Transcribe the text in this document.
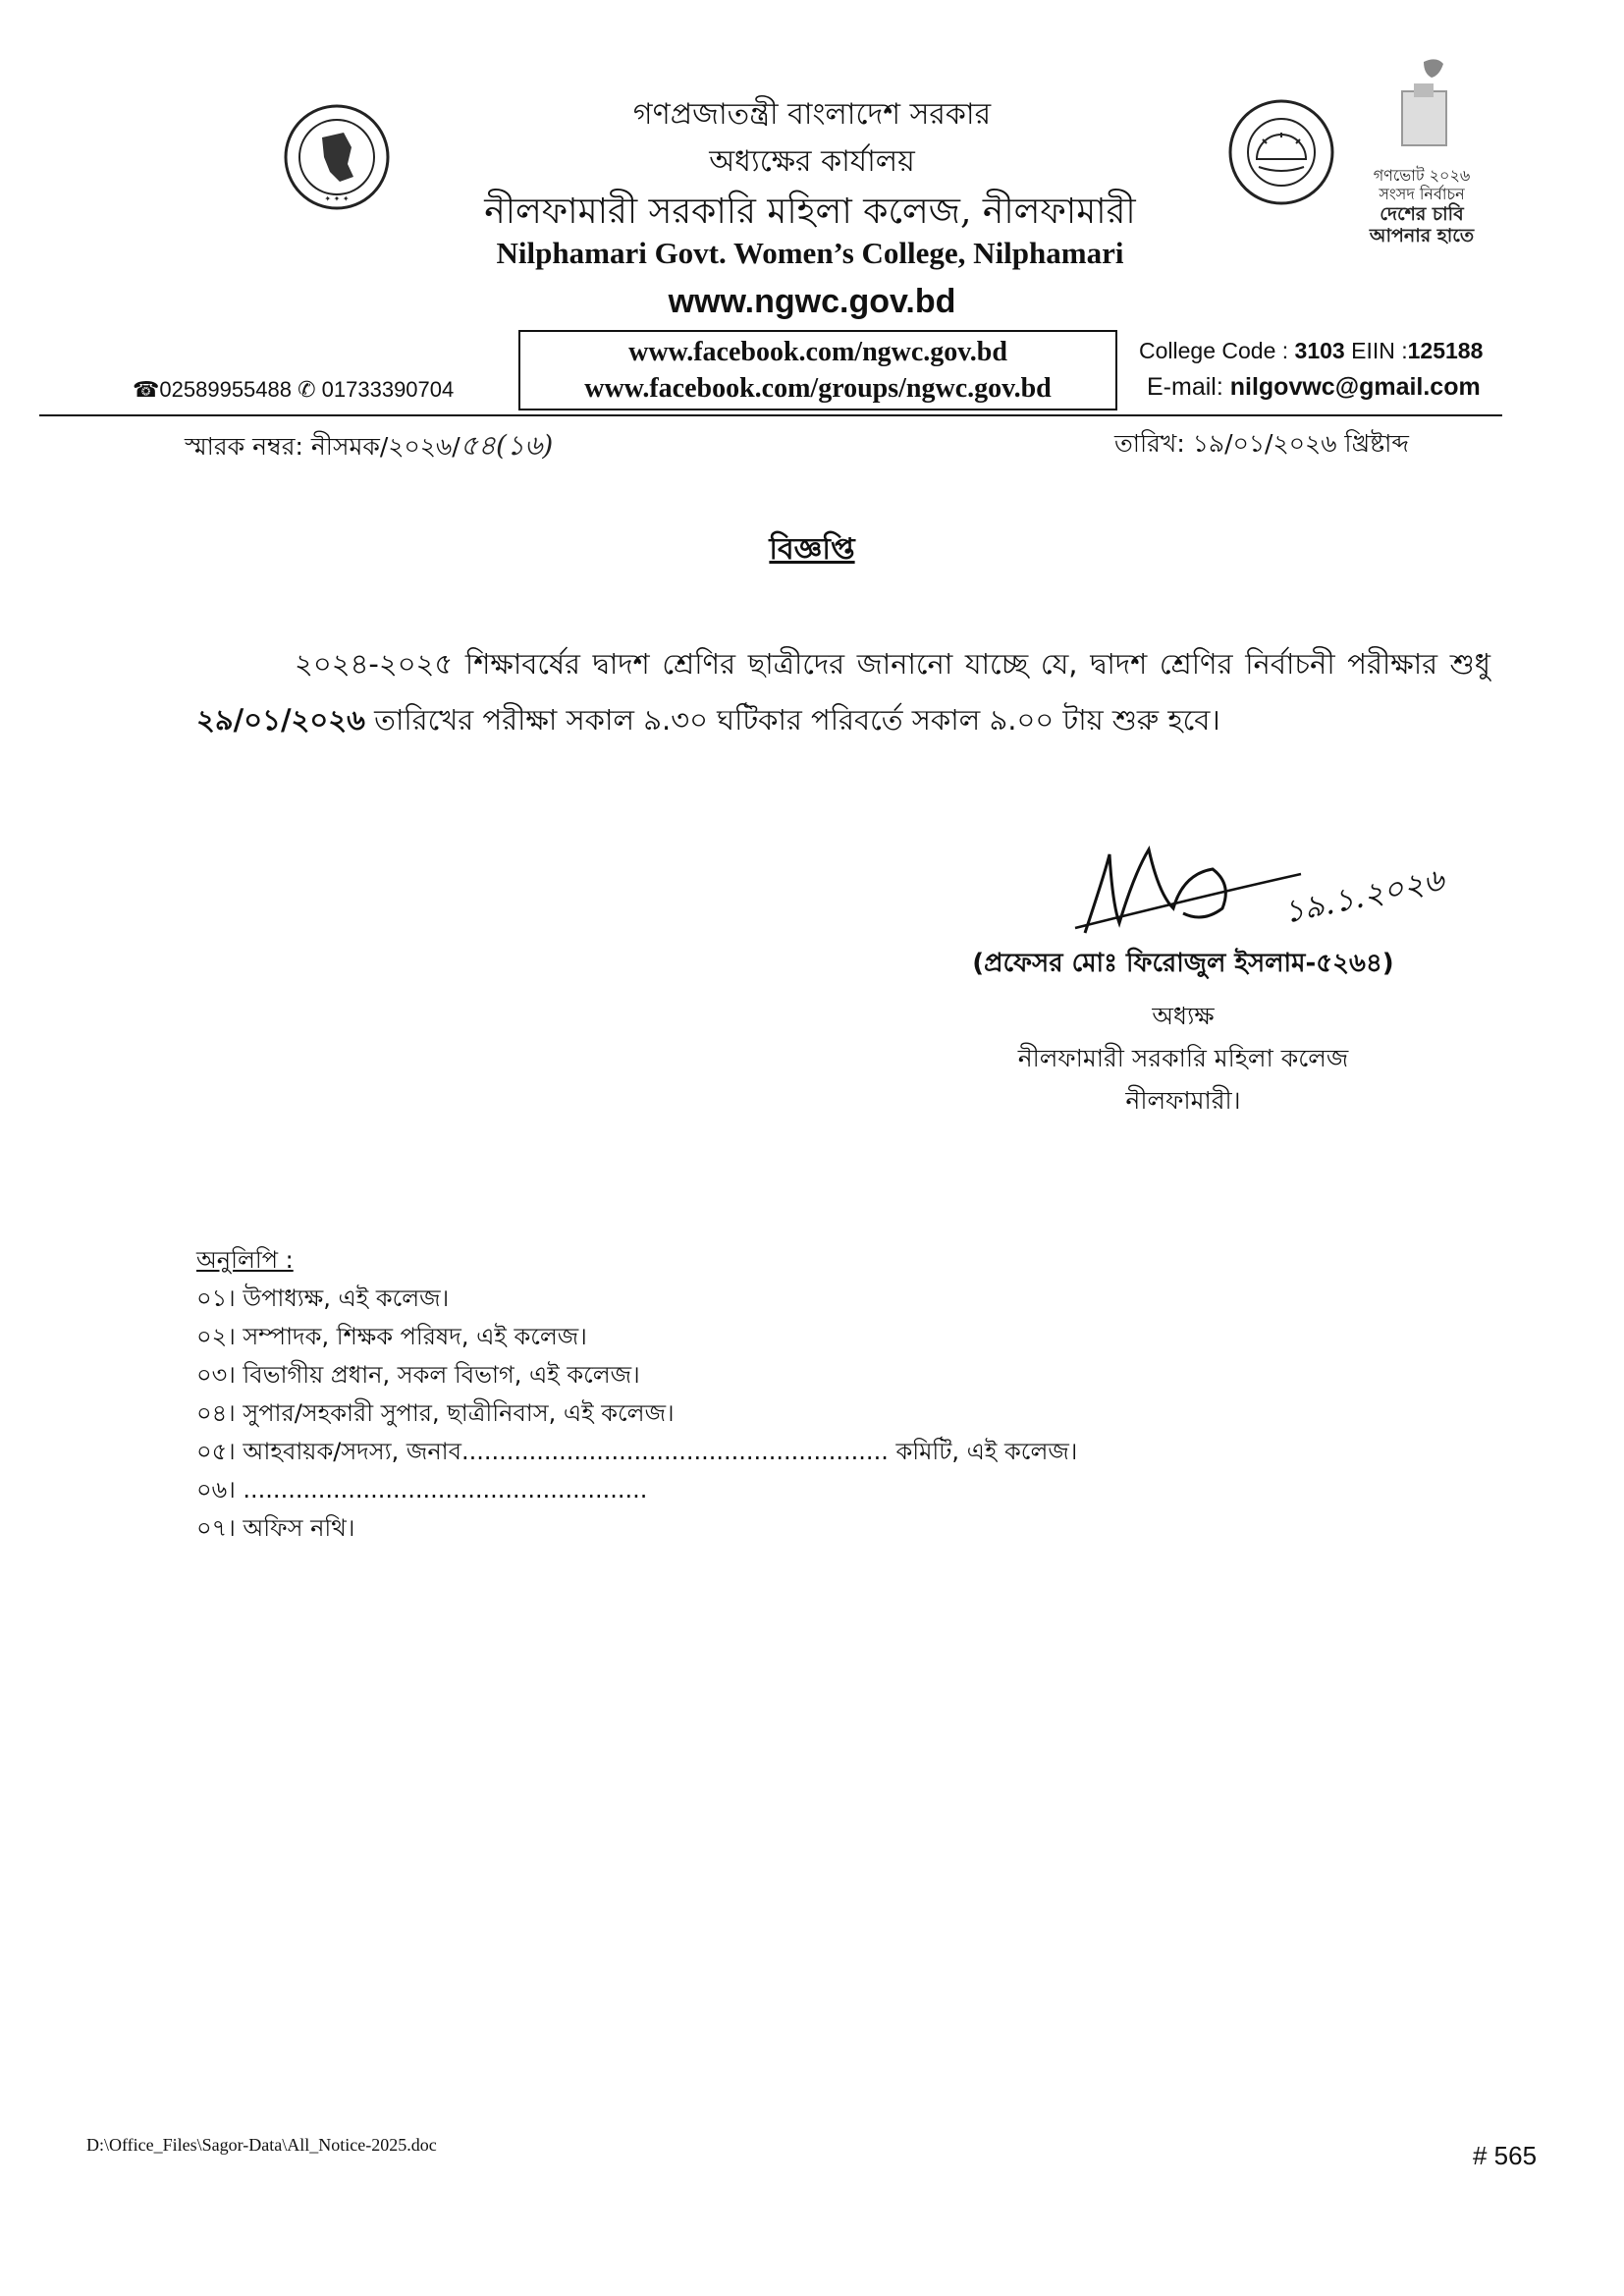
✦ ✦ ✦
গণভোট ২০২৬
সংসদ নির্বাচন
দেশের চাবি
আপনার হাতে
গণপ্রজাতন্ত্রী বাংলাদেশ সরকার
অধ্যক্ষের কার্যালয়
নীলফামারী সরকারি মহিলা কলেজ, নীলফামারী
Nilphamari Govt. Women’s College, Nilphamari
www.ngwc.gov.bd
www.facebook.com/ngwc.gov.bd
www.facebook.com/groups/ngwc.gov.bd
☎02589955488 ✆ 01733390704
College Code : 3103 EIIN :125188
E-mail: nilgovwc@gmail.com
স্মারক নম্বর: নীসমক/২০২৬/৫৪(১৬)	তারিখ: ১৯/০১/২০২৬ খ্রিষ্টাব্দ
বিজ্ঞপ্তি
২০২৪-২০২৫ শিক্ষাবর্ষের দ্বাদশ শ্রেণির ছাত্রীদের জানানো যাচ্ছে যে, দ্বাদশ শ্রেণির নির্বাচনী পরীক্ষার শুধু ২৯/০১/২০২৬ তারিখের পরীক্ষা সকাল ৯.৩০ ঘটিকার পরিবর্তে সকাল ৯.০০ টায় শুরু হবে।
১৯.১.২০২৬
(প্রফেসর মোঃ ফিরোজুল ইসলাম-৫২৬৪)
অধ্যক্ষ
নীলফামারী সরকারি মহিলা কলেজ
নীলফামারী।
অনুলিপি :
০১। উপাধ্যক্ষ, এই কলেজ।
০২। সম্পাদক, শিক্ষক পরিষদ, এই কলেজ।
০৩। বিভাগীয় প্রধান, সকল বিভাগ, এই কলেজ।
০৪। সুপার/সহকারী সুপার, ছাত্রীনিবাস, এই কলেজ।
০৫। আহবায়ক/সদস্য, জনাব......................................................... কমিটি, এই কলেজ।
০৬। ......................................................
০৭। অফিস নথি।
D:\Office_Files\Sagor-Data\All_Notice-2025.doc	# 565
